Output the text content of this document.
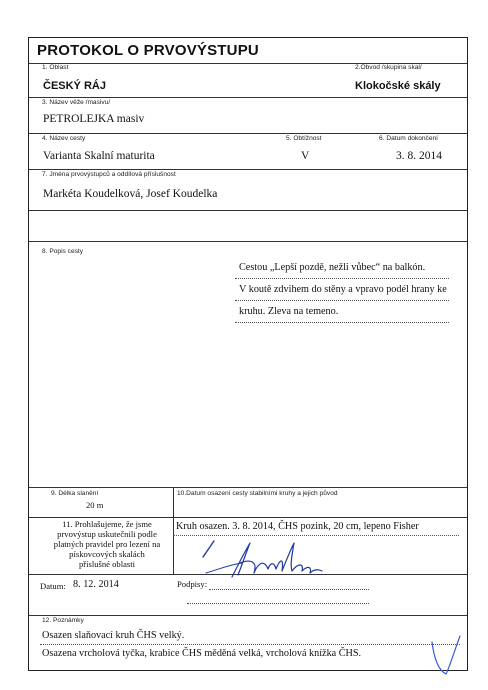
PROTOKOL O PRVOVÝSTUPU
1. Oblast
ČESKÝ RÁJ
2.Obvod /skupina skal/
Klokočské skály
3. Název věže /masivu/
PETROLEJKA masiv
4. Název cesty
Varianta Skalní maturita
5. Obtížnost
V
6. Datum dokončení
3. 8. 2014
7. Jména prvovýstupců a oddílová příslušnost
Markéta Koudelková, Josef Koudelka
8. Popis cesty
Cestou „Lepší pozdě, nežli vůbec“ na balkón.
V koutě zdvihem do stěny a vpravo podél hrany ke
kruhu. Zleva na temeno.
9. Délka slanění
20 m
10.Datum osazení cesty stabilními kruhy a jejich původ
11. Prohlašujeme, že jsme
prvovýstup uskutečnili podle
platných pravidel pro lezení na
pískovcových skalách
příslušné oblasti
Kruh osazen. 3. 8. 2014, ČHS pozink, 20 cm, lepeno Fisher
Datum: 8. 12. 2014	Podpisy:
12. Poznámky
Osazen slaňovací kruh ČHS velký.
Osazena vrcholová tyčka, krabice ČHS měděná velká, vrcholová knížka ČHS.
